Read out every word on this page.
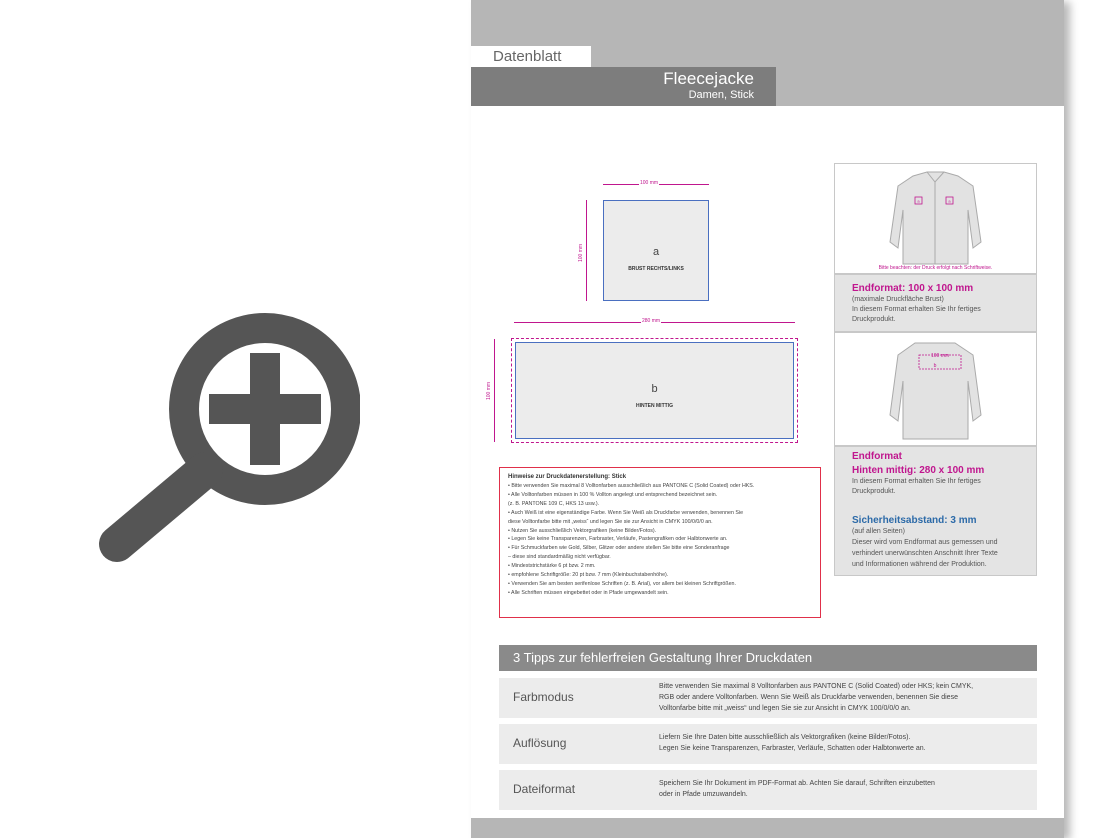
Datenblatt
Fleecejacke
Damen, Stick
100 mm
100 mm	a
BRUST RECHTS/LINKS
280 mm
100 mm	b
HINTEN MITTIG
Hinweise zur Druckdatenerstellung: Stick
• Bitte verwenden Sie maximal 8 Volltonfarben ausschließlich aus PANTONE C (Solid Coated) oder HKS.
• Alle Volltonfarben müssen in 100 % Vollton angelegt und entsprechend bezeichnet sein.
(z. B. PANTONE 109 C, HKS 13 usw.).
• Auch Weiß ist eine eigenständige Farbe. Wenn Sie Weiß als Druckfarbe verwenden, benennen Sie
diese Volltonfarbe bitte mit „weiss“ und legen Sie sie zur Ansicht in CMYK 100/0/0/0 an.
• Nutzen Sie ausschließlich Vektorgrafiken (keine Bilder/Fotos).
• Legen Sie keine Transparenzen, Farbraster, Verläufe, Pastengrafiken oder Halbtonwerte an.
• Für Schmuckfarben wie Gold, Silber, Glitzer oder andere stellen Sie bitte eine Sonderanfrage
– diese sind standardmäßig nicht verfügbar.
• Mindeststrichstärke 6 pt bzw. 2 mm.
• empfohlene Schriftgröße: 20 pt bzw. 7 mm (Kleinbuchstabenhöhe).
• Verwenden Sie am besten serifenlose Schriften (z. B. Arial), vor allem bei kleinen Schriftgrößen.
• Alle Schriften müssen eingebettet oder in Pfade umgewandelt sein.
a	a
Bitte beachten: der Druck erfolgt nach Schriftweise.
Endformat: 100 x 100 mm
(maximale Druckfläche Brust)
In diesem Format erhalten Sie Ihr fertiges
Druckprodukt.
100 mm
b
Endformat
Hinten mittig: 280 x 100 mm
In diesem Format erhalten Sie Ihr fertiges
Druckprodukt.
Sicherheitsabstand: 3 mm
(auf allen Seiten)
Dieser wird vom Endformat aus gemessen und
verhindert unerwünschten Anschnitt Ihrer Texte
und Informationen während der Produktion.
3 Tipps zur fehlerfreien Gestaltung Ihrer Druckdaten
Farbmodus
Bitte verwenden Sie maximal 8 Volltonfarben aus PANTONE C (Solid Coated) oder HKS; kein CMYK,
RGB oder andere Volltonfarben. Wenn Sie Weiß als Druckfarbe verwenden, benennen Sie diese
Volltonfarbe bitte mit „weiss“ und legen Sie sie zur Ansicht in CMYK 100/0/0/0 an.
Auflösung	Liefern Sie Ihre Daten bitte ausschließlich als Vektorgrafiken (keine Bilder/Fotos).
Legen Sie keine Transparenzen, Farbraster, Verläufe, Schatten oder Halbtonwerte an.
Dateiformat	Speichern Sie Ihr Dokument im PDF-Format ab. Achten Sie darauf, Schriften einzubetten
oder in Pfade umzuwandeln.
